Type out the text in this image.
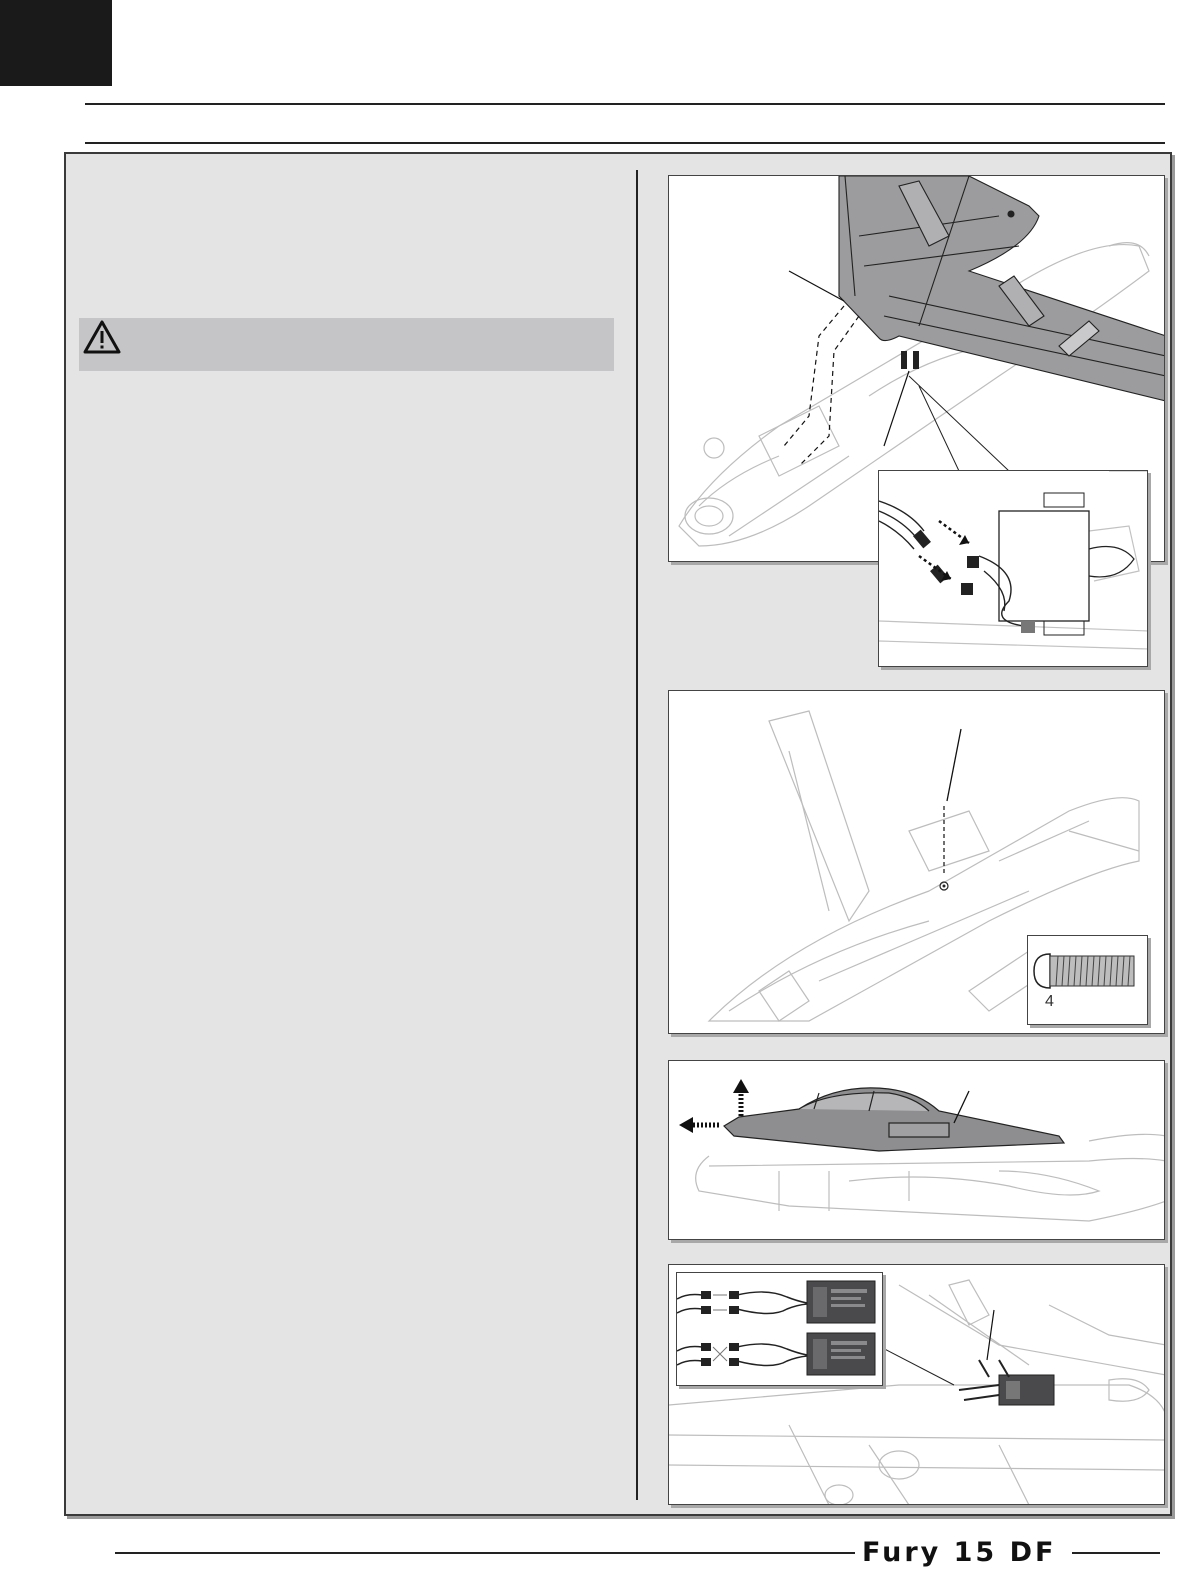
4
Fury 15 DF
